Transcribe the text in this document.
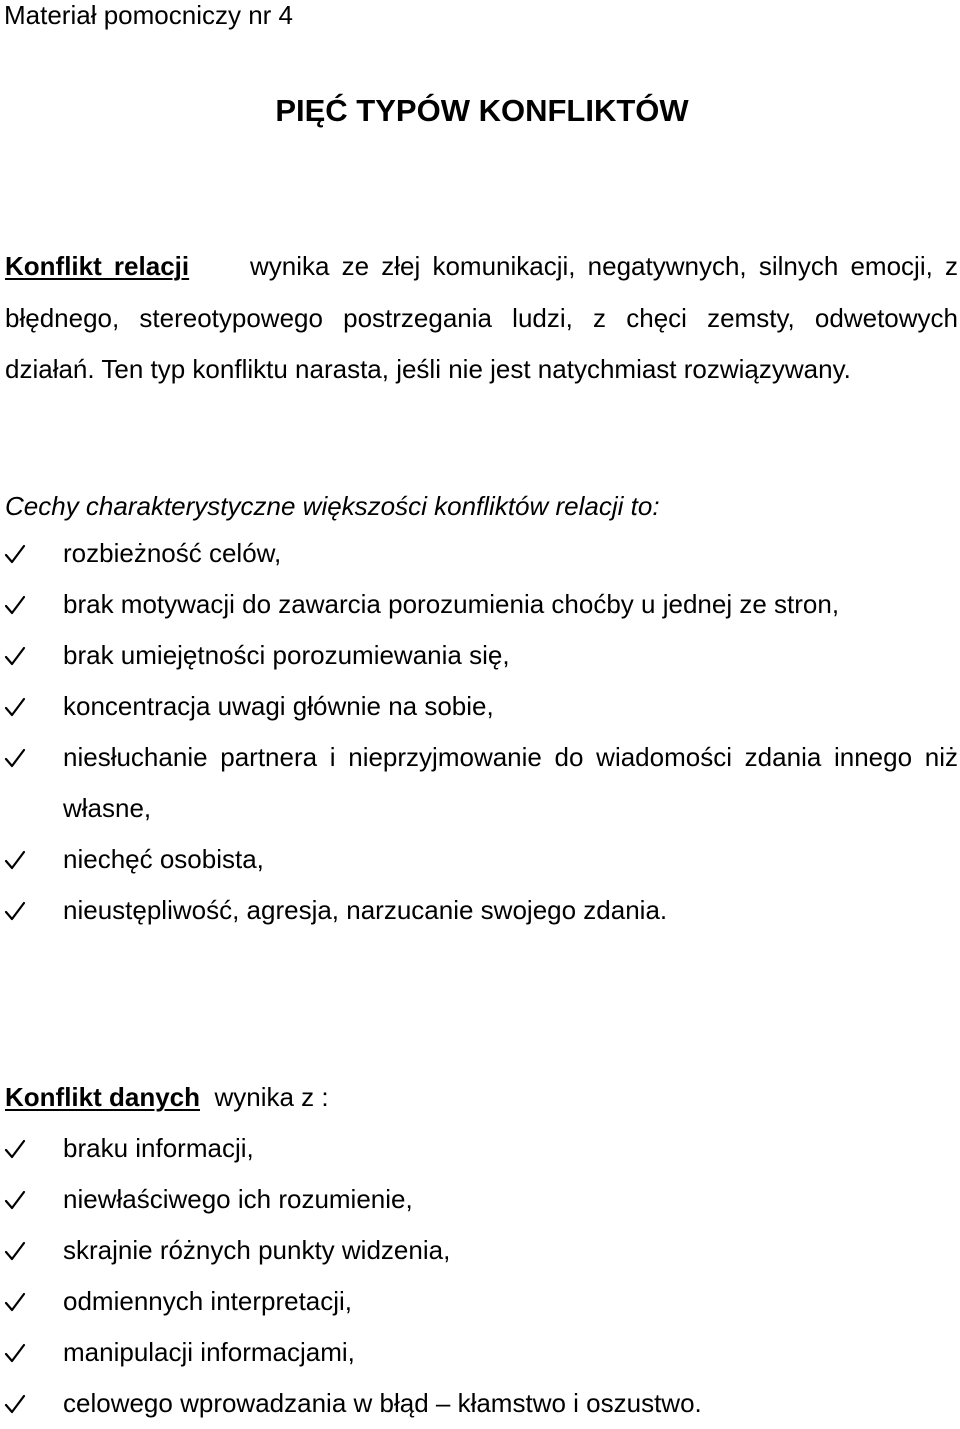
Materiał pomocniczy nr 4
PIĘĆ TYPÓW KONFLIKTÓW
Konflikt relacji wynika ze złej komunikacji, negatywnych, silnych emocji, z błędnego, stereotypowego postrzegania ludzi, z chęci zemsty, odwetowych działań. Ten typ konfliktu narasta, jeśli nie jest natychmiast rozwiązywany.
Cechy charakterystyczne większości konfliktów relacji to:
rozbieżność celów,
brak motywacji do zawarcia porozumienia choćby u jednej ze stron,
brak umiejętności porozumiewania się,
koncentracja uwagi głównie na sobie,
niesłuchanie partnera i nieprzyjmowanie do wiadomości zdania innego niż własne,
niechęć osobista,
nieustępliwość, agresja, narzucanie swojego zdania.
Konflikt danych wynika z :
braku informacji,
niewłaściwego ich rozumienie,
skrajnie różnych punkty widzenia,
odmiennych interpretacji,
manipulacji informacjami,
celowego wprowadzania w błąd – kłamstwo i oszustwo.
